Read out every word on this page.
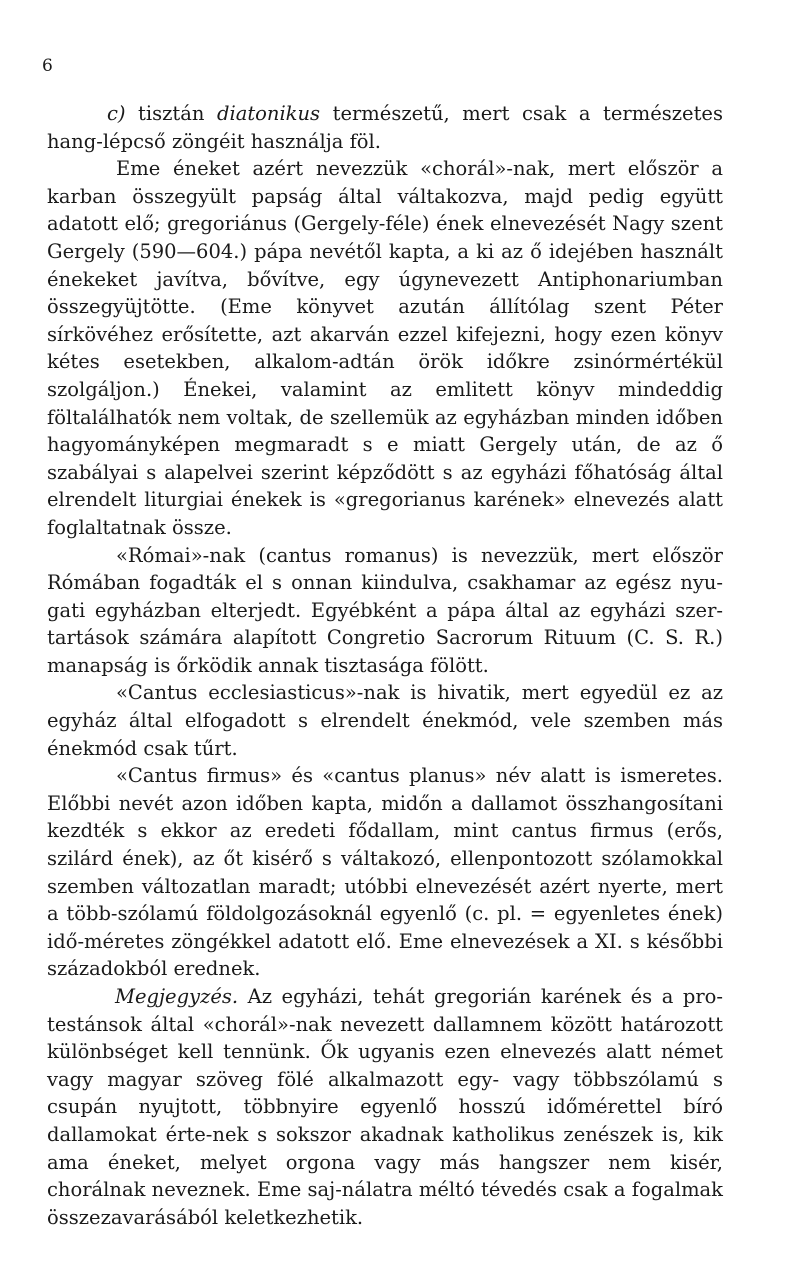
6

c) tisztán diatonikus természetű, mert csak a természetes hang-lépcső zöngéit használja föl.

Eme éneket azért nevezzük «chorál»-nak, mert először a karban összegyült papság által váltakozva, majd pedig együtt adatott elő; gregoriánus (Gergely-féle) ének elnevezését Nagy szent Gergely (590—604.) pápa nevétől kapta, a ki az ő idejében használt énekeket javítva, bővítve, egy úgynevezett Antiphonariumban összegyüjtötte. (Eme könyvet azután állítólag szent Péter sírkövéhez erősítette, azt akarván ezzel kifejezni, hogy ezen könyv kétes esetekben, alkalom-adtán örök időkre zsinórmértékül szolgáljon.) Énekei, valamint az emlitett könyv mindeddig föltalálhatók nem voltak, de szellemük az egyházban minden időben hagyományképen megmaradt s e miatt Gergely után, de az ő szabályai s alapelvei szerint képződött s az egyházi főhatóság által elrendelt liturgiai énekek is «gregorianus karének» elnevezés alatt foglaltatnak össze.

«Római»-nak (cantus romanus) is nevezzük, mert először Rómában fogadták el s onnan kiindulva, csakhamar az egész nyu-gati egyházban elterjedt. Egyébként a pápa által az egyházi szer-tartások számára alapított Congretio Sacrorum Rituum (C. S. R.) manapság is őrködik annak tisztasága fölött.

«Cantus ecclesiasticus»-nak is hivatik, mert egyedül ez az egyház által elfogadott s elrendelt énekmód, vele szemben más énekmód csak tűrt.

«Cantus firmus» és «cantus planus» név alatt is ismeretes. Előbbi nevét azon időben kapta, midőn a dallamot összhangosítani kezdték s ekkor az eredeti fődallam, mint cantus firmus (erős, szilárd ének), az őt kisérő s váltakozó, ellenpontozott szólamokkal szemben változatlan maradt; utóbbi elnevezését azért nyerte, mert a több-szólamú földolgozásoknál egyenlő (c. pl. = egyenletes ének) idő-méretes zöngékkel adatott elő. Eme elnevezések a XI. s későbbi századokból erednek.

Megjegyzés. Az egyházi, tehát gregorián karének és a pro-testánsok által «chorál»-nak nevezett dallamnem között határozott különbséget kell tennünk. Ők ugyanis ezen elnevezés alatt német vagy magyar szöveg fölé alkalmazott egy- vagy többszólamú s csupán nyujtott, többnyire egyenlő hosszú időmérettel bíró dallamokat érte-nek s sokszor akadnak katholikus zenészek is, kik ama éneket, melyet orgona vagy más hangszer nem kisér, chorálnak neveznek. Eme saj-nálatra méltó tévedés csak a fogalmak összezavarásából keletkezhetik.
